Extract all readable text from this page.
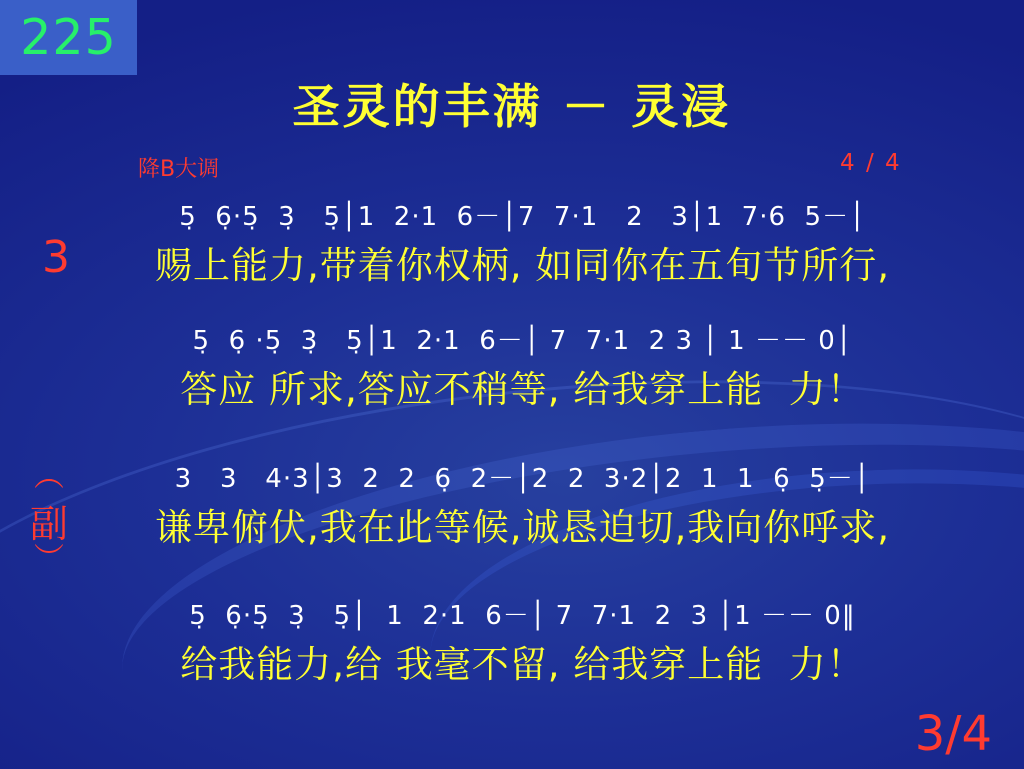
225
圣灵的丰满 － 灵浸
降B大调	4 / 4
3
︵
副
︶
5̣  6̣·5̣  3̣   5̣│1  2·1  6－│7  7·1   2   3│1  7·6  5－│
赐上能力,带着你权柄, 如同你在五旬节所行,
5̣  6̣ ·5̣  3̣   5̣│1  2·1  6－│ 7  7·1  2 3 │ 1 －－ 0│
答应 所求,答应不稍等, 给我穿上能  力！
3   3   4·3│3  2  2  6̣  2－│2  2  3·2│2  1  1  6̣  5̣－│
谦卑俯伏,我在此等候,诚恳迫切,我向你呼求,
5̣  6̣·5̣  3̣   5̣│  1  2·1  6－│ 7  7·1  2  3 │1 －－ 0‖
给我能力,给 我毫不留, 给我穿上能  力！
3/4
